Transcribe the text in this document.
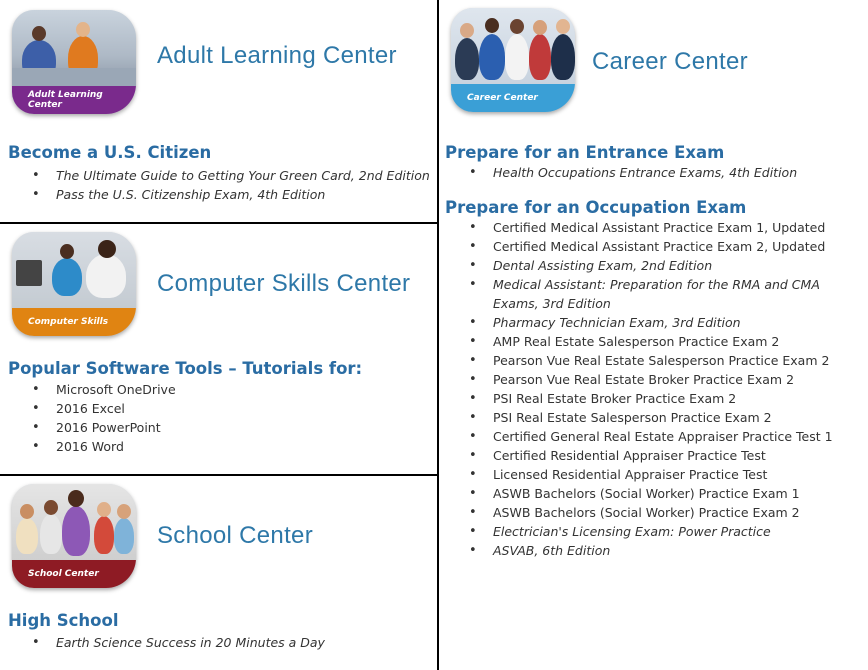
Adult Learning Center
Adult Learning Center
Become a U.S. Citizen
• The Ultimate Guide to Getting Your Green Card, 2nd Edition
• Pass the U.S. Citizenship Exam, 4th Edition
Computer Skills
Computer Skills Center
Popular Software Tools – Tutorials for:
• Microsoft OneDrive
• 2016 Excel
• 2016 PowerPoint
• 2016 Word
School Center
School Center
High School
• Earth Science Success in 20 Minutes a Day
Career Center
Career Center
Prepare for an Entrance Exam
• Health Occupations Entrance Exams, 4th Edition
Prepare for an Occupation Exam
• Certified Medical Assistant Practice Exam 1, Updated
• Certified Medical Assistant Practice Exam 2, Updated
• Dental Assisting Exam, 2nd Edition
• Medical Assistant: Preparation for the RMA and CMA Exams, 3rd Edition
• Pharmacy Technician Exam, 3rd Edition
• AMP Real Estate Salesperson Practice Exam 2
• Pearson Vue Real Estate Salesperson Practice Exam 2
• Pearson Vue Real Estate Broker Practice Exam 2
• PSI Real Estate Broker Practice Exam 2
• PSI Real Estate Salesperson Practice Exam 2
• Certified General Real Estate Appraiser Practice Test 1
• Certified Residential Appraiser Practice Test
• Licensed Residential Appraiser Practice Test
• ASWB Bachelors (Social Worker) Practice Exam 1
• ASWB Bachelors (Social Worker) Practice Exam 2
• Electrician's Licensing Exam: Power Practice
• ASVAB, 6th Edition
